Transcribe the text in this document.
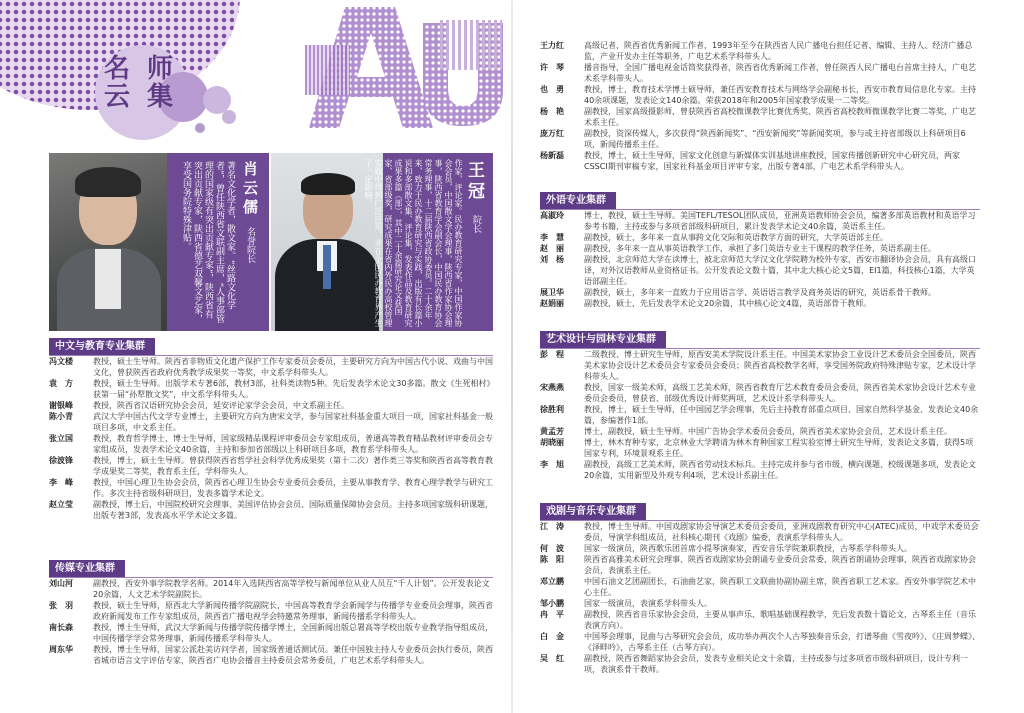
名 师
云 集
肖云儒
名誉院长
著名文化学者，散文家。“丝路文化学者”，曾任陕西省文联副主席，“人事部管理的国家级有突出贡献专家”，陕西省有突出贡献专家，陕西省德艺双馨文艺家，享受国务院特殊津贴。	王冠
院长
作家，评论家。民办教育研究专家，中国作家协会会员，中国散文学会理事，陕西省作家协会理事，陕西省教育学会副会长，中国民办教育协会常务理事，十二届陕西省政协委员。二十余年来，致力于民办教育研究与实践，出版有长篇小说和多部散文集、评论集，发表作品及教育研究成果多篇（部），其中二十余篇研究论文获国家、省部级奖，研究成果在省内外民办高校管理实践中得到广泛应用，并在全国民办教育界产生了一定影响。
中文与教育专业集群
冯文楼	教授，硕士生导师。陕西省非物质文化遗产保护工作专家委员会委员，主要研究方向为中国古代小说、戏曲与中国文化，曾获陕西省政府优秀教学成果奖一等奖，中文系学科带头人。
袁　方	教授，硕士生导师。出版学术专著6部，教材3部，社科类读物5种。先后发表学术论文30多篇。散文《生死相村》获第一届“孙犁散文奖”，中文系学科带头人。
谢银峰	教授，陕西省汉语研究协会会员，延安评论家学会会员，中文系副主任。
陈小青	武汉大学中国古代文学专业博士，主要研究方向为唐宋文学，参与国家社科基金重大项目一项，国家社科基金一般项目多项，中文系主任。
张立国	教授，教育哲学博士，博士生导师，国家级精品课程评审委员会专家组成员，普通高等教育精品教材评审委员会专家组成员，发表学术论文40余篇，主持和参加省部级以上科研项目多项，教育系学科带头人。
徐波锋	教授，博士，硕士生导师。曾获得陕西省哲学社会科学优秀成果奖（第十二次）著作类三等奖和陕西省高等教育教学成果奖二等奖，教育系主任，学科带头人。
李　峰	教授，中国心理卫生协会会员，陕西省心理卫生协会专业委员会委员，主要从事教育学、教育心理学教学与研究工作。多次主持省级科研项目，发表多篇学术论文。
赵立莹	副教授，博士后，中国院校研究会理事、美国评估协会会员、国际质量保障协会会员。主持多项国家级科研课题，出版专著3部，发表高水平学术论文多篇。
传媒专业集群
刘山河	副教授，西安外事学院教学名师。2014年入选陕西省高等学校与新闻单位从业人员互“千人计划”。公开发表论文20余篇，人文艺术学院副院长。
张　羽	教授，硕士生导师，原西北大学新闻传播学院副院长，中国高等教育学会新闻学与传播学专业委员会理事，陕西省政府新闻发布工作专家组成员，陕西省广播电视学会特邀常务理事，新闻传播系学科带头人。
南长森	教授，博士生导师，武汉大学新闻与传播学院传播学博士，全国新闻出版总署高等学校出版专业教学指导组成员，中国传播学学会常务理事，新闻传播系学科带头人。
周东华	教授，博士生导师，国家公派赴美访问学者，国家级普通话测试员。兼任中国独主持人专业委员会执行委员，陕西省城市语言文字评估专家，陕西省广电协会播音主持委员会常务委员，广电艺术系学科带头人。
王力红	高级记者，陕西省优秀新闻工作者，1993年至今在陕西省人民广播电台担任记者、编辑、主持人、经济广播总监，产业开发办主任等职务，广电艺术系学科带头人。
许　琴	播音指导，全国广播电视金话筒奖获得者，陕西省优秀新闻工作者，曾任陕西人民广播电台首席主持人，广电艺术系学科带头人。
也　勇	教授，博士，教育技术学博士硕导师，兼任西安教育技术与网络学会副秘书长，西安市教育局信息化专家。主持40余项课题，发表论文140余篇。荣获2018年和2005年国家教学成果一二等奖。
杨　艳	副教授，国家高级摄影师，曾获陕西省高校微课教学比赛优秀奖、陕西省高校教师微课教学比赛二等奖，广电艺术系主任。
庞万红	副教授，资深传媒人，多次获得“陕西新闻奖”、“西安新闻奖”等新闻奖项，参与或主持省部级以上科研项目6项，新闻传播系主任。
杨新磊	教授，博士，硕士生导师，国家文化创意与新媒体实训基地讲座教授，国家传播创新研究中心研究员，两家CSSCI期刊审稿专家，国家社科基金项目评审专家，出版专著4部，广电艺术系学科带头人。
外语专业集群
高淑玲	博士，教授，硕士生导师。美国TEFL/TESOL团队成员，亚洲英语教师协会会员，编著多部英语教材和英语学习参考书籍，主持或参与多项省部级科研项目，累计发表学术论文40余篇，英语系主任。
李　慧	副教授，硕士，多年来一直从事跨文化交际和英语教学方面的研究，大学英语部主任。
赵　丽	副教授，多年来一直从事英语教学工作，承担了多门英语专业主干课程的教学任务，英语系副主任。
刘　杨	副教授，北京师范大学在读博士，被北京师范大学汉文化学院聘为校外专家，西安市翻译协会会员，具有高级口译，对外汉语教师从业资格证书。公开发表论文数十篇，其中北大核心论文5篇，EI1篇，科技核心1篇，大学英语部副主任。
展卫华	副教授，硕士，多年来一直致力于应用语言学、英语语言教学及商务英语的研究，英语系骨干教师。
赵娟丽	副教授，硕士，先后发表学术论文20余篇，其中核心论文4篇，英语部骨干教师。
艺术设计与园林专业集群
彭　程	二级教授、博士研究生导师，原西安美术学院设计系主任。中国美术家协会工业设计艺术委员会全国委员，陕西美术家协会设计艺术委员会专家委员会委员；陕西省高校教学名师，享受国务院政府特殊津贴专家，艺术设计学科带头人。
宋燕燕	教授，国家一级美术师，高级工艺美术师，陕西省教育厅艺术教育委员会委员，陕西省美术家协会设计艺术专业委员会委员，曾获省、部级优秀设计师奖两项，艺术设计系学科带头人。
徐胜利	教授，博士，硕士生导师，任中国园艺学会理事，先后主持教育部重点项目、国家自然科学基金、发表论文40余篇，参编著作1部。
黄孟芳	博士，副教授，硕士生导师。中国广告协会学术委员会委员，陕西省美术家协会会员，艺术设计系主任。
胡晓丽	博士，林木育种专家，北京林业大学聘请为林木育种国家工程实验室博士研究生导师，发表论文多篇，获得5项国家专利，环境景观系主任。
李　旭	副教授，高级工艺美术师，陕西省劳动技术标兵。主持完成并参与省市级、横向课题、校级课题多项，发表论文20余篇，实用新型及外观专利4项，艺术设计系副主任。
戏剧与音乐专业集群
江　涛	教授，博士生导师。中国戏剧家协会导演艺术委员会委员，亚洲戏剧教育研究中心(ATEC)成员，中戏学术委员会委员，导演学科组成员，社科核心期刊《戏剧》编委，表演系学科带头人。
何　波	国家一级演员，陕西歌乐团首席小提琴演奏家，西安音乐学院兼职教授，古琴系学科带头人。
陈　阳	陕西省高雅美术研究会理事、陕西省戏剧家协会朗诵专业委员会常委，陕西省朗诵协会理事，陕西省戏剧家协会会员，表演系主任。
邓立鹏	中国石油文艺团副团长，石油曲艺家，陕西职工文联曲协副协副主席，陕西省职工艺术家。西安外事学院艺术中心主任。
邹小鹏	国家一级演员，表演系学科带头人。
冉　平	副教授，陕西省音乐家协会会员，主要从事声乐、歌唱基础课程教学，先后发表数十篇论文，古琴系主任（音乐表演方向）。
白　金	中国琴会理事，昆曲与古琴研究会会员，成功举办两次个人古琴独奏音乐会，打谱琴曲《雪夜吟》、《庄周梦蝶》、《泽畔吟》，古琴系主任（古琴方向）。
吴　红	副教授，陕西省舞蹈家协会会员，发表专业相关论文十余篇，主持或参与过多项省市级科研项目，设计专利一项，表演系骨干教师。
